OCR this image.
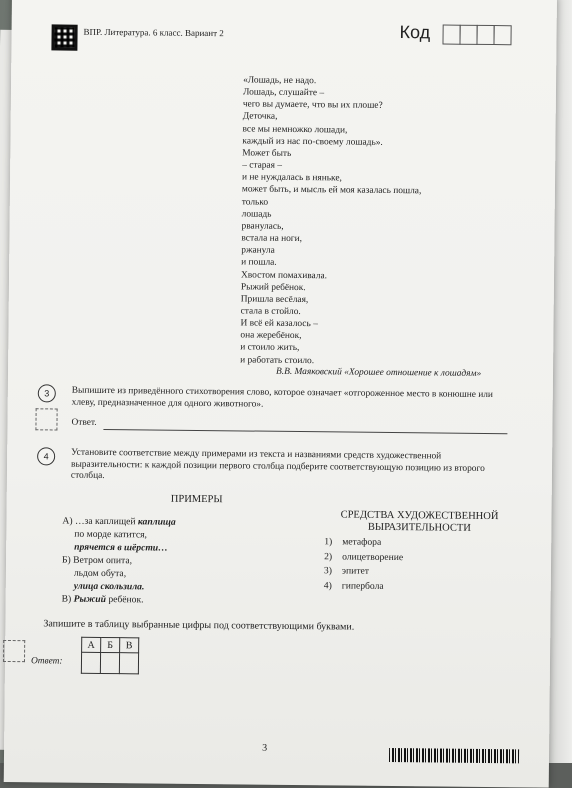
ВПР. Литература. 6 класс. Вариант 2	Код
«Лошадь, не надо.
Лошадь, слушайте –
чего вы думаете, что вы их плоше?
Деточка,
все мы немножко лошади,
каждый из нас по-своему лошадь».
Может быть
– старая –
и не нуждалась в няньке,
может быть, и мысль ей моя казалась пошла,
только
лошадь
рванулась,
встала на ноги,
ржанула
и пошла.
Хвостом помахивала.
Рыжий ребёнок.
Пришла весёлая,
стала в стойло.
И всё ей казалось –
она жеребёнок,
и стоило жить,
и работать стоило.
В.В. Маяковский «Хорошее отношение к лошадям»
3	Выпишите из приведённого стихотворения слово, которое означает «отгороженное место в конюшне или хлеву, предназначенное для одного животного».
Ответ.
4	Установите соответствие между примерами из текста и названиями средств художественной выразительности: к каждой позиции первого столбца подберите соответствующую позицию из второго столбца.
ПРИМЕРЫ
СРЕДСТВА ХУДОЖЕСТВЕННОЙ ВЫРАЗИТЕЛЬНОСТИ
А) …за каплищей каплища
по морде катится,
прячется в шёрсти…
Б) Ветром опита,
льдом обута,
улица скользила.
В) Рыжий ребёнок.
1) метафора
2) олицетворение
3) эпитет
4) гипербола
Запишите в таблицу выбранные цифры под соответствующими буквами.
Ответ:
А	Б	В

3
